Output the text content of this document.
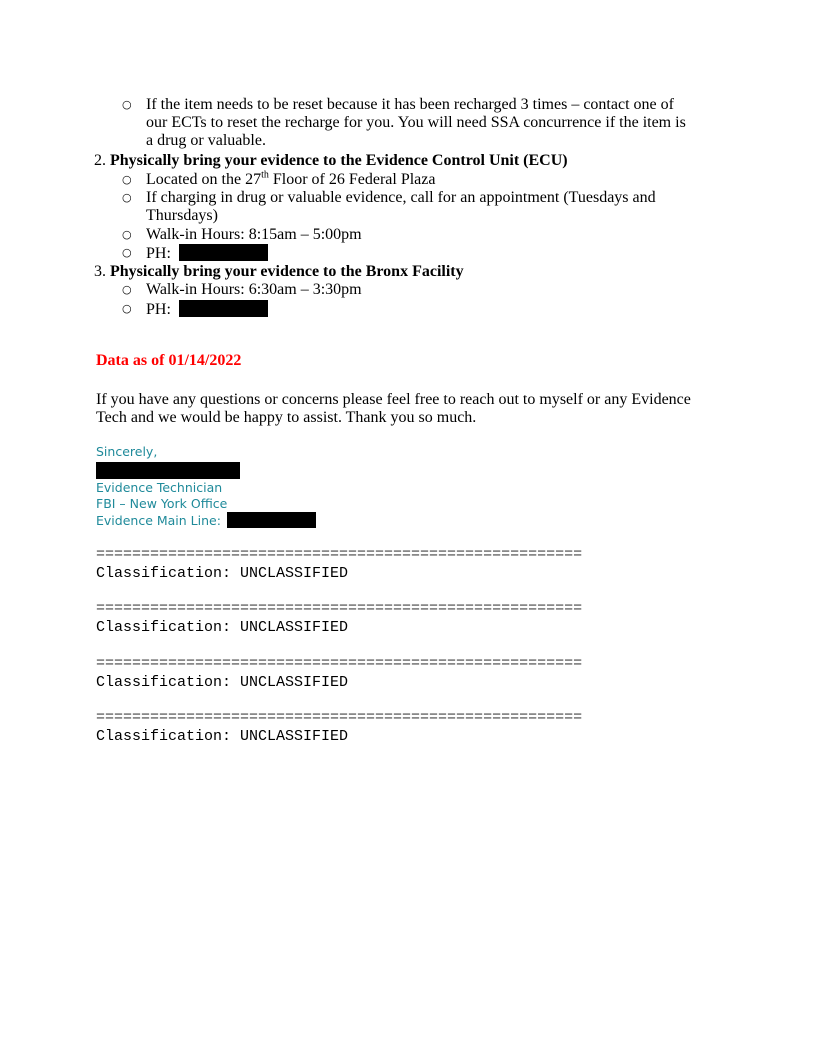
○ If the item needs to be reset because it has been recharged 3 times – contact one of
our ECTs to reset the recharge for you. You will need SSA concurrence if the item is
a drug or valuable.
2. Physically bring your evidence to the Evidence Control Unit (ECU)
○ Located on the 27th Floor of 26 Federal Plaza
○ If charging in drug or valuable evidence, call for an appointment (Tuesdays and
Thursdays)
○ Walk-in Hours: 8:15am – 5:00pm
○ PH:
3. Physically bring your evidence to the Bronx Facility
○ Walk-in Hours: 6:30am – 3:30pm
○ PH:
Data as of 01/14/2022
If you have any questions or concerns please feel free to reach out to myself or any Evidence
Tech and we would be happy to assist. Thank you so much.
Sincerely,
Evidence Technician
FBI – New York Office
Evidence Main Line:
======================================================
Classification: UNCLASSIFIED
======================================================
Classification: UNCLASSIFIED
======================================================
Classification: UNCLASSIFIED
======================================================
Classification: UNCLASSIFIED
